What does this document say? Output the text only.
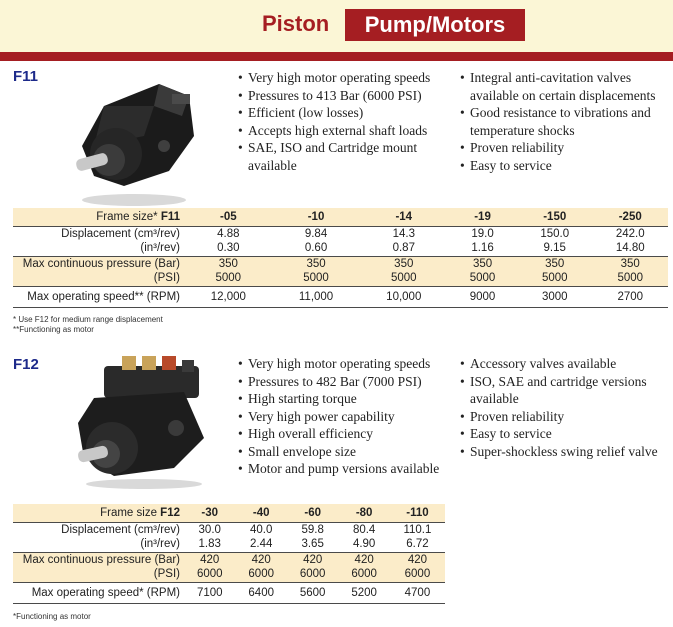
Piston	Pump/Motors
F11	• Very high motor operating speeds
• Pressures to 413 Bar (6000 PSI)
• Efficient (low losses)
• Accepts high external shaft loads
• SAE, ISO and Cartridge mount available
• Integral anti-cavitation valves available on certain displacements
• Good resistance to vibrations and temperature shocks
• Proven reliability
• Easy to service
Frame size* F11	-05	-10	-14	-19	-150	-250
Displacement (cm³/rev)	4.88	9.84	14.3	19.0	150.0	242.0
(in³/rev)	0.30	0.60	0.87	1.16	9.15	14.80
Max continuous pressure (Bar)	350	350	350	350	350	350
(PSI)	5000	5000	5000	5000	5000	5000
Max operating speed** (RPM)	12,000	11,000	10,000	9000	3000	2700
* Use F12 for medium range displacement
**Functioning as motor
F12	• Very high motor operating speeds
• Pressures to 482 Bar (7000 PSI)
• High starting torque
• Very high power capability
• High overall efficiency
• Small envelope size
• Motor and pump versions available
• Accessory valves available
• ISO, SAE and cartridge versions available
• Proven reliability
• Easy to service
• Super-shockless swing relief valve
Frame size F12	-30	-40	-60	-80	-110
Displacement (cm³/rev)	30.0	40.0	59.8	80.4	110.1
(in³/rev)	1.83	2.44	3.65	4.90	6.72
Max continuous pressure (Bar)	420	420	420	420	420
(PSI)	6000	6000	6000	6000	6000
Max operating speed* (RPM)	7100	6400	5600	5200	4700
*Functioning as motor
